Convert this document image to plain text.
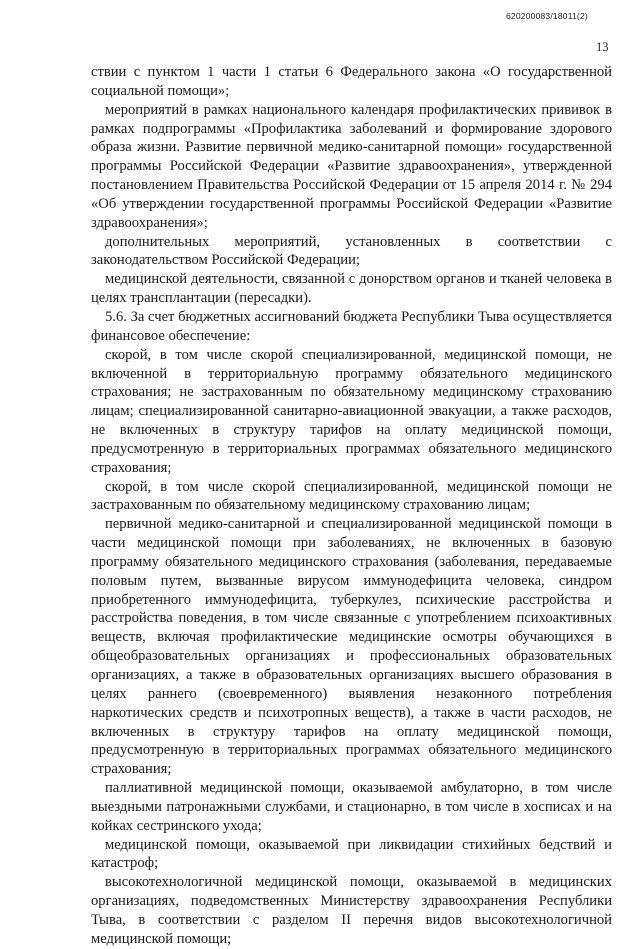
620200083/18011(2)
13

ствии с пунктом 1 части 1 статьи 6 Федерального закона «О государственной социальной помощи»;

мероприятий в рамках национального календаря профилактических прививок в рамках подпрограммы «Профилактика заболеваний и формирование здорового образа жизни. Развитие первичной медико-санитарной помощи» государственной программы Российской Федерации «Развитие здравоохранения», утвержденной постановлением Правительства Российской Федерации от 15 апреля 2014 г. № 294 «Об утверждении государственной программы Российской Федерации «Развитие здравоохранения»;

дополнительных мероприятий, установленных в соответствии с законодательством Российской Федерации;

медицинской деятельности, связанной с донорством органов и тканей человека в целях трансплантации (пересадки).

5.6. За счет бюджетных ассигнований бюджета Республики Тыва осуществляется финансовое обеспечение:

скорой, в том числе скорой специализированной, медицинской помощи, не включенной в территориальную программу обязательного медицинского страхования; не застрахованным по обязательному медицинскому страхованию лицам; специализированной санитарно-авиационной эвакуации, а также расходов, не включенных в структуру тарифов на оплату медицинской помощи, предусмотренную в территориальных программах обязательного медицинского страхования;

скорой, в том числе скорой специализированной, медицинской помощи не застрахованным по обязательному медицинскому страхованию лицам;

первичной медико-санитарной и специализированной медицинской помощи в части медицинской помощи при заболеваниях, не включенных в базовую программу обязательного медицинского страхования (заболевания, передаваемые половым путем, вызванные вирусом иммунодефицита человека, синдром приобретенного иммунодефицита, туберкулез, психические расстройства и расстройства поведения, в том числе связанные с употреблением психоактивных веществ, включая профилактические медицинские осмотры обучающихся в общеобразовательных организациях и профессиональных образовательных организациях, а также в образовательных организациях высшего образования в целях раннего (своевременного) выявления незаконного потребления наркотических средств и психотропных веществ), а также в части расходов, не включенных в структуру тарифов на оплату медицинской помощи, предусмотренную в территориальных программах обязательного медицинского страхования;

паллиативной медицинской помощи, оказываемой амбулаторно, в том числе выездными патронажными службами, и стационарно, в том числе в хосписах и на койках сестринского ухода;

медицинской помощи, оказываемой при ликвидации стихийных бедствий и катастроф;

высокотехнологичной медицинской помощи, оказываемой в медицинских организациях, подведомственных Министерству здравоохранения Республики Тыва, в соответствии с разделом II перечня видов высокотехнологичной медицинской помощи;
